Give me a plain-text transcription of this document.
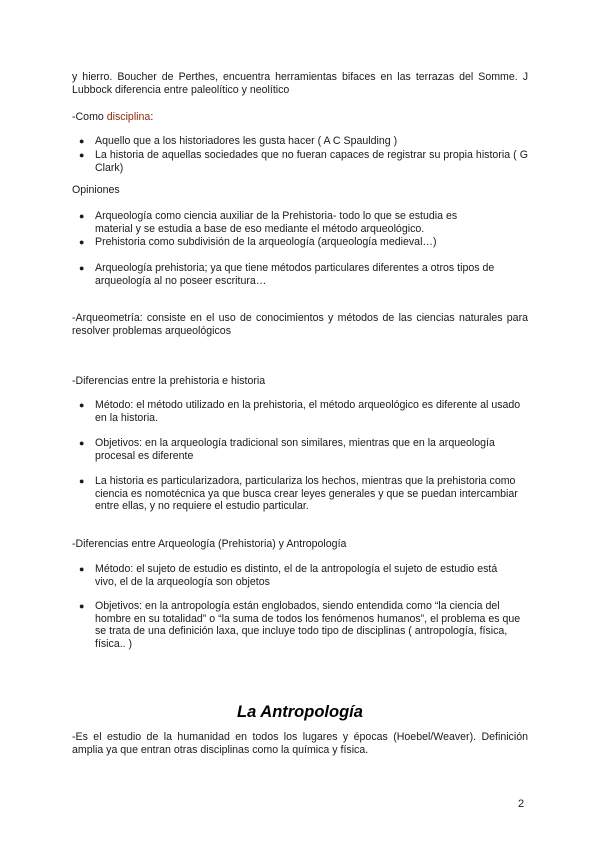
y hierro. Boucher de Perthes, encuentra herramientas bifaces en las terrazas del Somme. J Lubbock diferencia entre paleolítico y neolítico
-Como disciplina:
● Aquello que a los historiadores les gusta hacer ( A C Spaulding )
● La historia de aquellas sociedades que no fueran capaces de registrar su propia historia ( G Clark)
Opiniones
● Arqueología como ciencia auxiliar de la Prehistoria- todo lo que se estudia es material y se estudia a base de eso mediante el método arqueológico.
● Prehistoria como subdivisión de la arqueología (arqueología medieval…)
● Arqueología prehistoria; ya que tiene métodos particulares diferentes a otros tipos de arqueología al no poseer escritura…
-Arqueometría: consiste en el uso de conocimientos y métodos de las ciencias naturales para resolver problemas arqueológicos
-Diferencias entre la prehistoria e historia
● Método: el método utilizado en la prehistoria, el método arqueológico es diferente al usado en la historia.
● Objetivos: en la arqueología tradicional son similares, mientras que en la arqueología procesal es diferente
● La historia es particularizadora, particulariza los hechos, mientras que la prehistoria como ciencia es nomotécnica ya que busca crear leyes generales y que se puedan intercambiar entre ellas, y no requiere el estudio particular.
-Diferencias entre Arqueología (Prehistoria) y Antropología
● Método: el sujeto de estudio es distinto, el de la antropología el sujeto de estudio está vivo, el de la arqueología son objetos
● Objetivos: en la antropología están englobados, siendo entendida como “la ciencia del hombre en su totalidad” o “la suma de todos los fenómenos humanos”, el problema es que se trata de una definición laxa, que incluye todo tipo de disciplinas ( antropología, física, física.. )
La Antropología
-Es el estudio de la humanidad en todos los lugares y épocas (Hoebel/Weaver). Definición amplia ya que entran otras disciplinas como la química y física.
2
